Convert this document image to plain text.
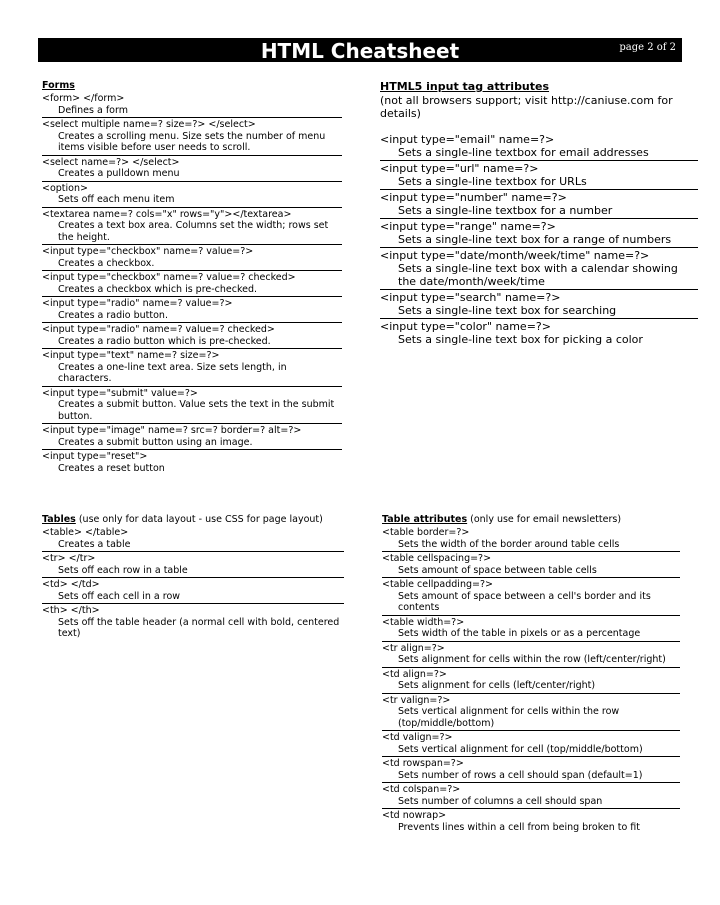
HTML Cheatsheet	page 2 of 2
Forms
<form> </form>
Defines a form
<select multiple name=? size=?> </select>
Creates a scrolling menu. Size sets the number of menu items visible before user needs to scroll.
<select name=?> </select>
Creates a pulldown menu
<option>
Sets off each menu item
<textarea name=? cols="x" rows="y"></textarea>
Creates a text box area. Columns set the width; rows set the height.
<input type="checkbox" name=? value=?>
Creates a checkbox.
<input type="checkbox" name=? value=? checked>
Creates a checkbox which is pre-checked.
<input type="radio" name=? value=?>
Creates a radio button.
<input type="radio" name=? value=? checked>
Creates a radio button which is pre-checked.
<input type="text" name=? size=?>
Creates a one-line text area. Size sets length, in characters.
<input type="submit" value=?>
Creates a submit button. Value sets the text in the submit button.
<input type="image" name=? src=? border=? alt=?>
Creates a submit button using an image.
<input type="reset">
Creates a reset button
HTML5 input tag attributes
(not all browsers support; visit http://caniuse.com for details)
<input type="email" name=?>
Sets a single-line textbox for email addresses
<input type="url" name=?>
Sets a single-line textbox for URLs
<input type="number" name=?>
Sets a single-line textbox for a number
<input type="range" name=?>
Sets a single-line text box for a range of numbers
<input type="date/month/week/time" name=?>
Sets a single-line text box with a calendar showing the date/month/week/time
<input type="search" name=?>
Sets a single-line text box for searching
<input type="color" name=?>
Sets a single-line text box for picking a color
Tables (use only for data layout - use CSS for page layout)
<table> </table>
Creates a table
<tr> </tr>
Sets off each row in a table
<td> </td>
Sets off each cell in a row
<th> </th>
Sets off the table header (a normal cell with bold, centered text)
Table attributes (only use for email newsletters)
<table border=?>
Sets the width of the border around table cells
<table cellspacing=?>
Sets amount of space between table cells
<table cellpadding=?>
Sets amount of space between a cell's border and its contents
<table width=?>
Sets width of the table in pixels or as a percentage
<tr align=?>
Sets alignment for cells within the row (left/center/right)
<td align=?>
Sets alignment for cells (left/center/right)
<tr valign=?>
Sets vertical alignment for cells within the row (top/middle/bottom)
<td valign=?>
Sets vertical alignment for cell (top/middle/bottom)
<td rowspan=?>
Sets number of rows a cell should span (default=1)
<td colspan=?>
Sets number of columns a cell should span
<td nowrap>
Prevents lines within a cell from being broken to fit
